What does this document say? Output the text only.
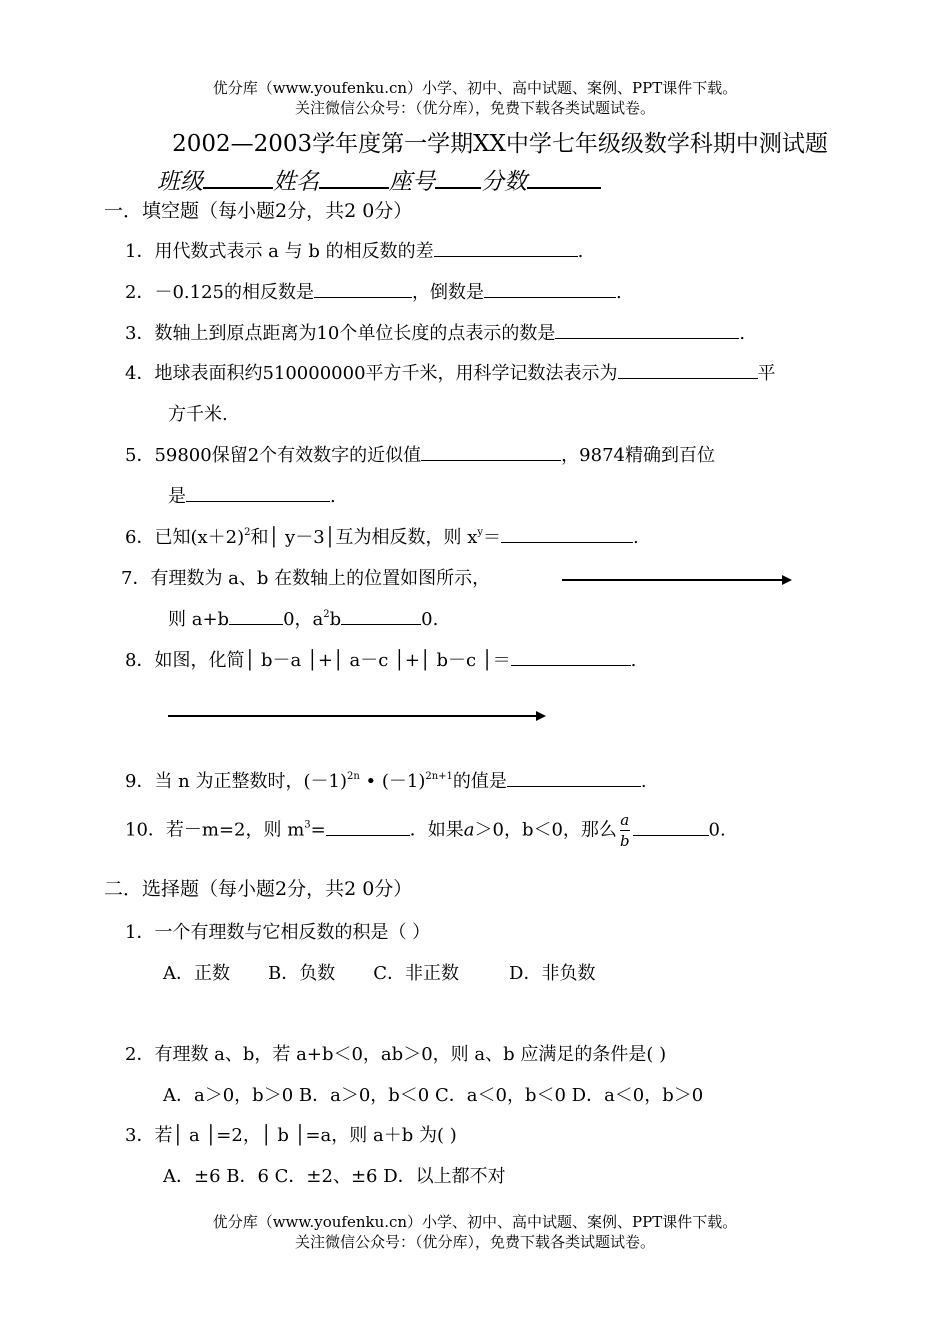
优分库（www.youfenku.cn）小学、初中、高中试题、案例、PPT课件下载。
关注微信公众号：（优分库），免费下载各类试题试卷。
2002—2003学年度第一学期XX中学七年级级数学科期中测试题
班级	姓名	座号 分数
一．填空题（每小题2分，共2 0分）
1．用代数式表示 a 与 b 的相反数的差	.
2．－0.125的相反数是	，倒数是	.
3．数轴上到原点距离为10个单位长度的点表示的数是	.
4．地球表面积约510000000平方千米，用科学记数法表示为	平
方千米.
5．59800保留2个有效数字的近似值	，9874精确到百位
是	.
6．已知$(x+2)^2$和│ y－3│互为相反数，则 $x^y=$	.
7．有理数为 a、b 在数轴上的位置如图所示，
则 a+b	0，$a^2b$	0.
8．如图，化简│ b－a │+│ a－c │+│ b－c │＝	.
9．当 n 为正整数时，$(-1)^{2n}$ • $(-1)^{2n+1}$的值是	.
10．若－m=2，则 $m^3=$	．如果a＞0，b＜0，那么 $\frac{a}{b}$	0.
二．选择题（每小题2分，共2 0分）
1．一个有理数与它相反数的积是（ ）
A．正数 B．负数 C．非正数	D．非负数
2．有理数 a、b，若 a+b＜0，ab＞0，则 a、b 应满足的条件是( )
A．a＞0，b＞0 B．a＞0，b＜0 C．a＜0，b＜0 D．a＜0，b＞0
3．若│ a │=2，│ b │=a，则 a＋b 为( )
A．±6 B．6 C．±2、±6 D．以上都不对
优分库（www.youfenku.cn）小学、初中、高中试题、案例、PPT课件下载。
关注微信公众号：（优分库），免费下载各类试题试卷。
